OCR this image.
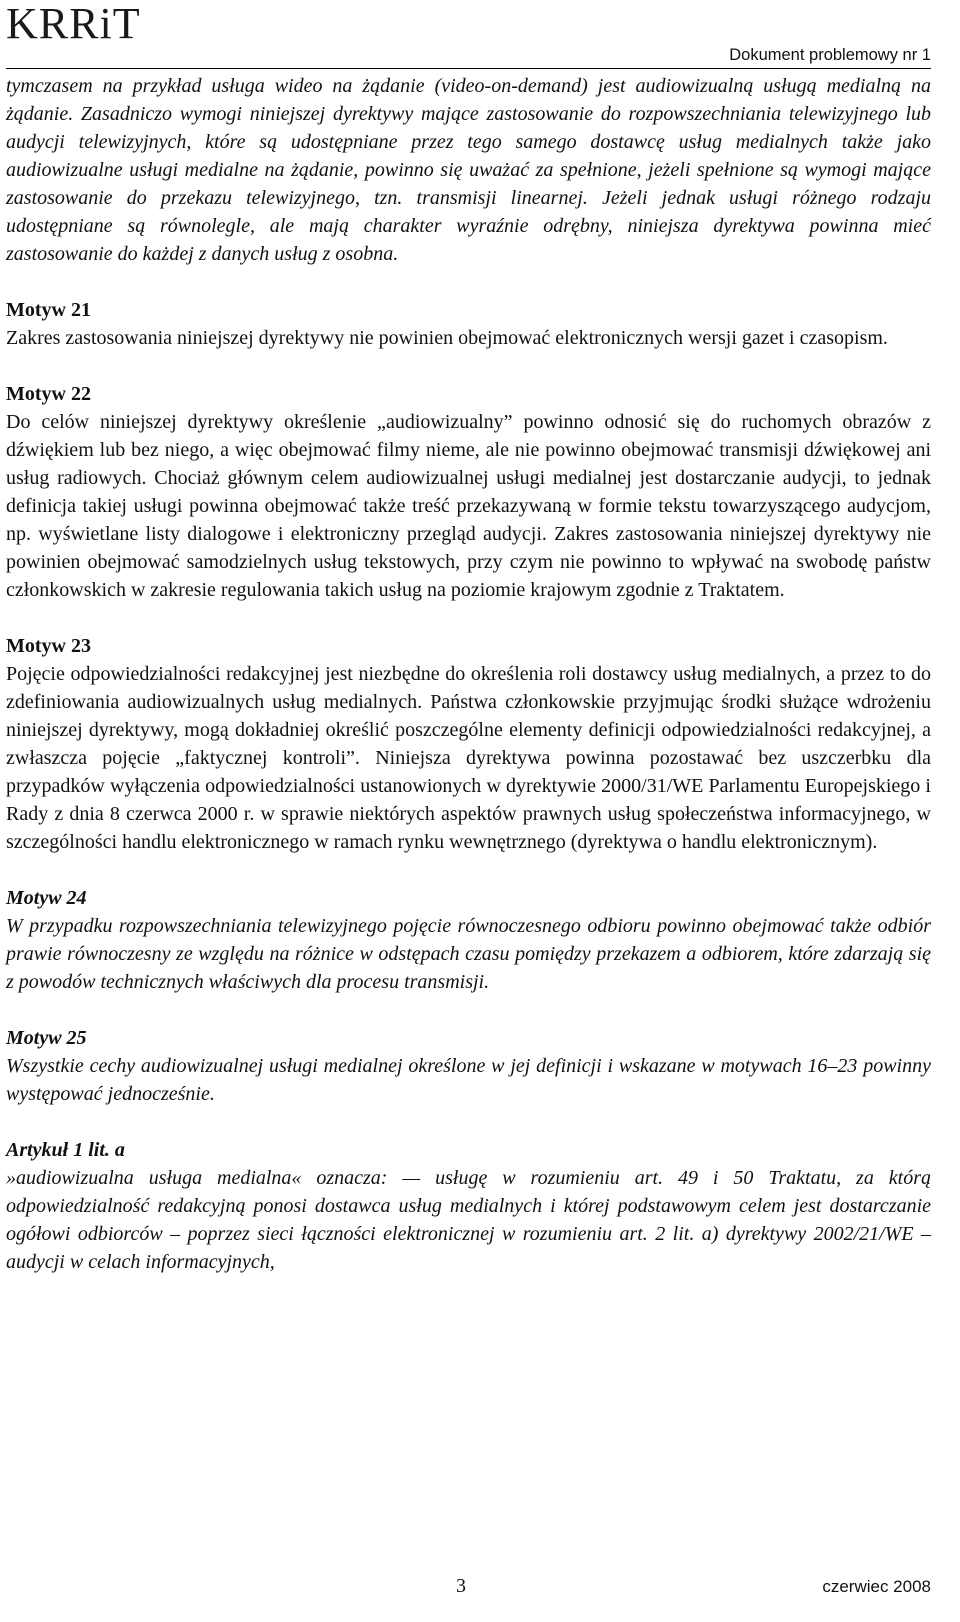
KRRiT
Dokument problemowy nr 1

tymczasem na przykład usługa wideo na żądanie (video-on-demand) jest audiowizualną usługą medialną na żądanie. Zasadniczo wymogi niniejszej dyrektywy mające zastosowanie do rozpowszechniania telewizyjnego lub audycji telewizyjnych, które są udostępniane przez tego samego dostawcę usług medialnych także jako audiowizualne usługi medialne na żądanie, powinno się uważać za spełnione, jeżeli spełnione są wymogi mające zastosowanie do przekazu telewizyjnego, tzn. transmisji linearnej. Jeżeli jednak usługi różnego rodzaju udostępniane są równolegle, ale mają charakter wyraźnie odrębny, niniejsza dyrektywa powinna mieć zastosowanie do każdej z danych usług z osobna.

Motyw 21

Zakres zastosowania niniejszej dyrektywy nie powinien obejmować elektronicznych wersji gazet i czasopism.

Motyw 22

Do celów niniejszej dyrektywy określenie „audiowizualny” powinno odnosić się do ruchomych obrazów z dźwiękiem lub bez niego, a więc obejmować filmy nieme, ale nie powinno obejmować transmisji dźwiękowej ani usług radiowych. Chociaż głównym celem audiowizualnej usługi medialnej jest dostarczanie audycji, to jednak definicja takiej usługi powinna obejmować także treść przekazywaną w formie tekstu towarzyszącego audycjom, np. wyświetlane listy dialogowe i elektroniczny przegląd audycji. Zakres zastosowania niniejszej dyrektywy nie powinien obejmować samodzielnych usług tekstowych, przy czym nie powinno to wpływać na swobodę państw członkowskich w zakresie regulowania takich usług na poziomie krajowym zgodnie z Traktatem.

Motyw 23

Pojęcie odpowiedzialności redakcyjnej jest niezbędne do określenia roli dostawcy usług medialnych, a przez to do zdefiniowania audiowizualnych usług medialnych. Państwa członkowskie przyjmując środki służące wdrożeniu niniejszej dyrektywy, mogą dokładniej określić poszczególne elementy definicji odpowiedzialności redakcyjnej, a zwłaszcza pojęcie „faktycznej kontroli”. Niniejsza dyrektywa powinna pozostawać bez uszczerbku dla przypadków wyłączenia odpowiedzialności ustanowionych w dyrektywie 2000/31/WE Parlamentu Europejskiego i Rady z dnia 8 czerwca 2000 r. w sprawie niektórych aspektów prawnych usług społeczeństwa informacyjnego, w szczególności handlu elektronicznego w ramach rynku wewnętrznego (dyrektywa o handlu elektronicznym).

Motyw 24

W przypadku rozpowszechniania telewizyjnego pojęcie równoczesnego odbioru powinno obejmować także odbiór prawie równoczesny ze względu na różnice w odstępach czasu pomiędzy przekazem a odbiorem, które zdarzają się z powodów technicznych właściwych dla procesu transmisji.

Motyw 25

Wszystkie cechy audiowizualnej usługi medialnej określone w jej definicji i wskazane w motywach 16–23 powinny występować jednocześnie.

Artykuł 1 lit. a

»audiowizualna usługa medialna« oznacza: — usługę w rozumieniu art. 49 i 50 Traktatu, za którą odpowiedzialność redakcyjną ponosi dostawca usług medialnych i której podstawowym celem jest dostarczanie ogółowi odbiorców – poprzez sieci łączności elektronicznej w rozumieniu art. 2 lit. a) dyrektywy 2002/21/WE – audycji w celach informacyjnych,

3	czerwiec 2008
